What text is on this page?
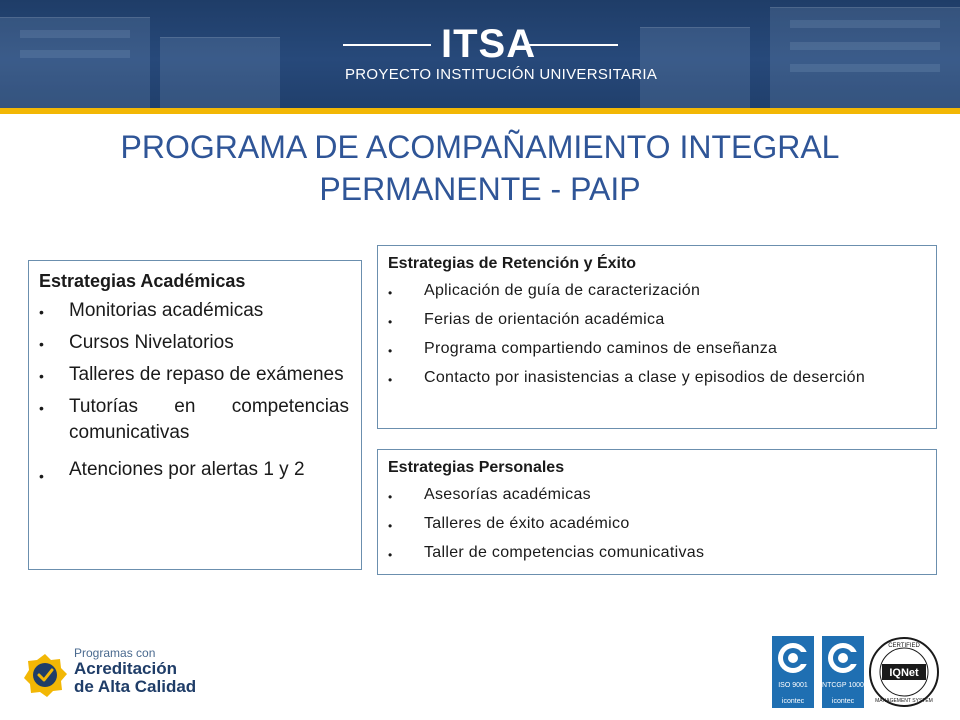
ITSA
PROYECTO INSTITUCIÓN UNIVERSITARIA
PROGRAMA DE ACOMPAÑAMIENTO INTEGRAL
PERMANENTE - PAIP
Estrategias Académicas
• Monitorias académicas
• Cursos Nivelatorios
• Talleres de repaso de exámenes
• Tutorías en competencias comunicativas
• Atenciones por alertas 1 y 2
Estrategias de Retención y Éxito
• Aplicación de guía de caracterización
• Ferias de orientación académica
• Programa compartiendo caminos de enseñanza
• Contacto por inasistencias a clase y episodios de deserción
Estrategias Personales
• Asesorías académicas
• Talleres de éxito académico
• Taller de competencias comunicativas
Programas con
Acreditación
de Alta Calidad	ISO 9001
icontec
NTCGP 1000
icontec
IQNet
CERTIFIED
MANAGEMENT SYSTEM
